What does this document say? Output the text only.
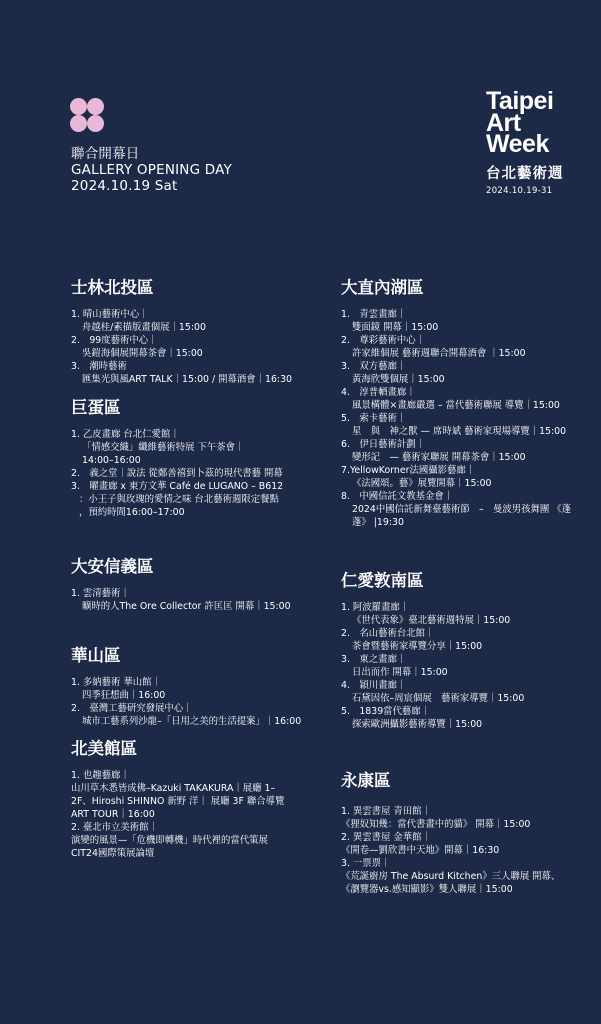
聯合開幕日
GALLERY OPENING DAY
2024.10.19 Sat
Taipei
Art
Week
台北藝術週
2024.10.19-31
士林北投區
1. 晴山藝術中心｜
舟越桂/素描版畫個展｜15:00
2.　99度藝術中心｜
吳鎧海個展開幕茶會｜15:00
3.　潮時藝術
匯集光與風ART TALK｜15:00 / 開幕酒會｜16:30
巨蛋區
1. 乙皮畫廊 台北仁愛館｜
「情感交織」纖維藝術特展 下午茶會｜
14:00–16:00
2.　義之堂｜說法 從鄭善禧到卜茲的現代書藝 開幕
3.　曜畫廊 x 東方文華 Café de LUGANO – B612
：小王子與玫瑰的愛情之味 台北藝術週限定餐點
，預約時間16:00–17:00
大安信義區
1. 雲清藝術｜
曠時的人The Ore Collector 許匡匡 開幕｜15:00
華山區
1. 多納藝術 華山館｜
四季狂想曲｜16:00
2.　臺灣工藝研究發展中心｜
城市工藝系列沙龍–「日用之美的生活提案」｜16:00
北美館區
1. 也趣藝廊｜
山川草木悉皆成佛–Kazuki TAKAKURA｜展廳 1–2F、Hiroshi SHINNO 新野 洋｜ 展廳 3F 聯合導覽 ART TOUR｜16:00
2. 臺北市立美術館｜
演變的風景—「危機即轉機」時代裡的當代策展 CIT24國際策展論壇
大直內湖區
1.　青雲畫廊｜
雙面鏡 開幕｜15:00
2.　尊彩藝術中心｜
許家維個展 藝術週聯合開幕酒會 ｜15:00
3.　双方藝廊｜
黃海欣雙個展｜15:00
4.　淳普輏畫廊｜
風景構體×畫廊嚴選 – 當代藝術聯展 導覽｜15:00
5.　索卡藝術｜
星　與　神之獸 — 席時斌 藝術家現場導覽｜15:00
6.　伊日藝術計劃｜
變形記　— 藝術家聯展 開幕茶會｜15:00
7.YellowKorner法國攝影藝廊｜
《法國頌。藝》展覽開幕｜15:00
8.　中國信託文教基金會｜
2024中國信託新舞臺藝術節　–　曼波男孩舞團 《蓬蓬》 |19:30
仁愛敦南區
1. 阿波羅畫廊｜
《世代表象》臺北藝術週特展｜15:00
2.　名山藝術台北館｜
茶會暨藝術家導覽分享｜15:00
3.　東之畫廊｜
日出而作 開幕｜15:00
4.　穎川畫廊｜
石黛因依–周宸個展　藝術家導覽｜15:00
5.　1839當代藝廊｜
探索歐洲攝影藝術導覽｜15:00
永康區
1. 異雲書屋 青田館｜
《狸奴知幾：當代書畫中的貓》 開幕｜15:00
2. 異雲書屋 金華館｜
《開卷—劉欣書中天地》開幕｜16:30
3. 一票票｜
《荒誕廚房 The Absurd Kitchen》三人聯展 開幕、《瀏覽器vs.感知顯影》雙人聯展｜15:00
